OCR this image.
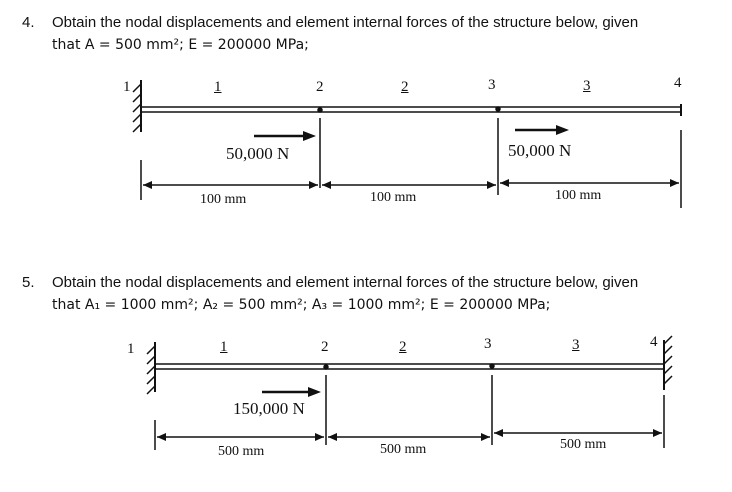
4. Obtain the nodal displacements and element internal forces of the structure below, given
that A = 500 mm²; E = 200000 MPa;
1	2	3	4
1	2	3
50,000 N	50,000 N
100 mm	100 mm	100 mm
5. Obtain the nodal displacements and element internal forces of the structure below, given
that A₁ = 1000 mm²; A₂ = 500 mm²; A₃ = 1000 mm²; E = 200000 MPa;
1	2	3	4
1	2	3
150,000 N
500 mm	500 mm	500 mm
